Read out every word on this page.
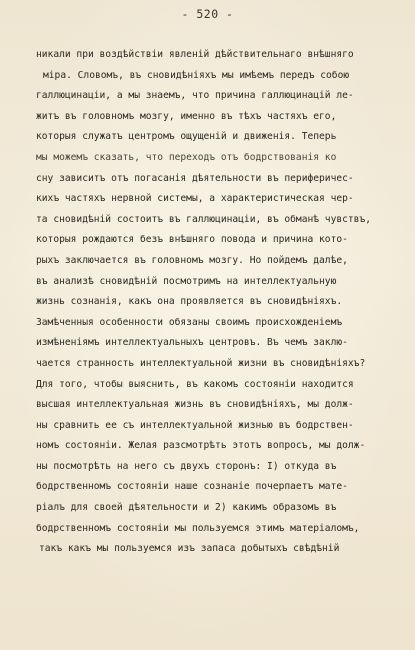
- 520 -
никали при воздѣйствіи явленій дѣйствительнаго внѣшняго
міра. Словомъ, въ сновидѣніяхъ мы имѣемъ передъ собою
галлюцинаціи, а мы знаемъ, что причина галлюцинацій ле-
житъ въ головномъ мозгу, именно въ тѣхъ частяхъ его,
которыя служатъ центромъ ощущеній и движенія. Теперь
мы можемъ сказать, что переходъ отъ бодрствованія ко
сну зависитъ отъ погасанія дѣятельности въ периферичес-
кихъ частяхъ нервной системы, а характеристическая чер-
та сновидѣній состоитъ въ галлюцинаціи, въ обманѣ чувствъ,
которыя рождаются безъ внѣшняго повода и причина кото-
рыхъ заключается въ головномъ мозгу. Но пойдемъ далѣе,
въ анализѣ сновидѣній посмотримъ на интеллектуальную
жизнь сознанія, какъ она проявляется въ сновидѣніяхъ.
Замѣченныя особенности обязаны своимъ происхожденіемъ
измѣненіямъ интеллектуальныхъ центровъ. Въ чемъ заклю-
чается странность интеллектуальной жизни въ сновидѣніяхъ?
Для того, чтобы выяснить, въ какомъ состояніи находится
высшая интеллектуальная жизнь въ сновидѣніяхъ, мы долж-
ны сравнить ее съ интеллектуальной жизнью въ бодрствен-
номъ состояніи. Желая разсмотрѣть этотъ вопросъ, мы долж-
ны посмотрѣть на него съ двухъ сторонъ: I) откуда въ
бодрственномъ состояніи наше сознаніе почерпаетъ мате-
ріалъ для своей дѣятельности и 2) какимъ образомъ въ
бодрственномъ состояніи мы пользуемся этимъ матеріаломъ,
такъ какъ мы пользуемся изъ запаса добытыхъ свѣдѣній
